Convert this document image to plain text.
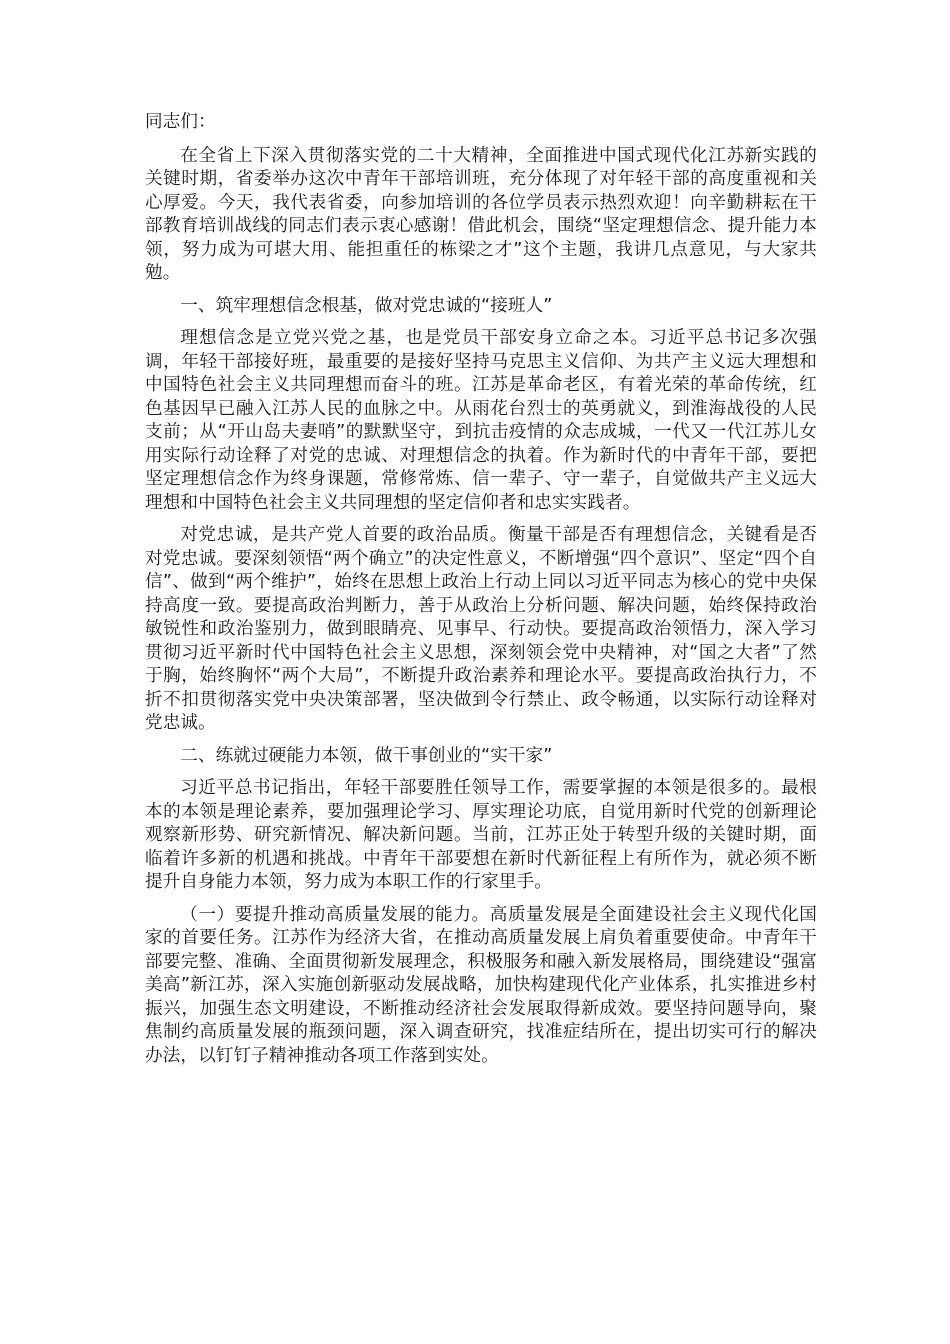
同志们：

在全省上下深入贯彻落实党的二十大精神，全面推进中国式现代化江苏新实践的关键时期，省委举办这次中青年干部培训班，充分体现了对年轻干部的高度重视和关心厚爱。今天，我代表省委，向参加培训的各位学员表示热烈欢迎！向辛勤耕耘在干部教育培训战线的同志们表示衷心感谢！借此机会，围绕“坚定理想信念、提升能力本领，努力成为可堪大用、能担重任的栋梁之才”这个主题，我讲几点意见，与大家共勉。

一、筑牢理想信念根基，做对党忠诚的“接班人”

理想信念是立党兴党之基，也是党员干部安身立命之本。习近平总书记多次强调，年轻干部接好班，最重要的是接好坚持马克思主义信仰、为共产主义远大理想和中国特色社会主义共同理想而奋斗的班。江苏是革命老区，有着光荣的革命传统，红色基因早已融入江苏人民的血脉之中。从雨花台烈士的英勇就义，到淮海战役的人民支前；从“开山岛夫妻哨”的默默坚守，到抗击疫情的众志成城，一代又一代江苏儿女用实际行动诠释了对党的忠诚、对理想信念的执着。作为新时代的中青年干部，要把坚定理想信念作为终身课题，常修常炼、信一辈子、守一辈子，自觉做共产主义远大理想和中国特色社会主义共同理想的坚定信仰者和忠实实践者。

对党忠诚，是共产党人首要的政治品质。衡量干部是否有理想信念，关键看是否对党忠诚。要深刻领悟“两个确立”的决定性意义，不断增强“四个意识”、坚定“四个自信”、做到“两个维护”，始终在思想上政治上行动上同以习近平同志为核心的党中央保持高度一致。要提高政治判断力，善于从政治上分析问题、解决问题，始终保持政治敏锐性和政治鉴别力，做到眼睛亮、见事早、行动快。要提高政治领悟力，深入学习贯彻习近平新时代中国特色社会主义思想，深刻领会党中央精神，对“国之大者”了然于胸，始终胸怀“两个大局”，不断提升政治素养和理论水平。要提高政治执行力，不折不扣贯彻落实党中央决策部署，坚决做到令行禁止、政令畅通，以实际行动诠释对党忠诚。

二、练就过硬能力本领，做干事创业的“实干家”

习近平总书记指出，年轻干部要胜任领导工作，需要掌握的本领是很多的。最根本的本领是理论素养，要加强理论学习、厚实理论功底，自觉用新时代党的创新理论观察新形势、研究新情况、解决新问题。当前，江苏正处于转型升级的关键时期，面临着许多新的机遇和挑战。中青年干部要想在新时代新征程上有所作为，就必须不断提升自身能力本领，努力成为本职工作的行家里手。

（一）要提升推动高质量发展的能力。高质量发展是全面建设社会主义现代化国家的首要任务。江苏作为经济大省，在推动高质量发展上肩负着重要使命。中青年干部要完整、准确、全面贯彻新发展理念，积极服务和融入新发展格局，围绕建设“强富美高”新江苏，深入实施创新驱动发展战略，加快构建现代化产业体系，扎实推进乡村振兴，加强生态文明建设，不断推动经济社会发展取得新成效。要坚持问题导向，聚焦制约高质量发展的瓶颈问题，深入调查研究，找准症结所在，提出切实可行的解决办法，以钉钉子精神推动各项工作落到实处。
